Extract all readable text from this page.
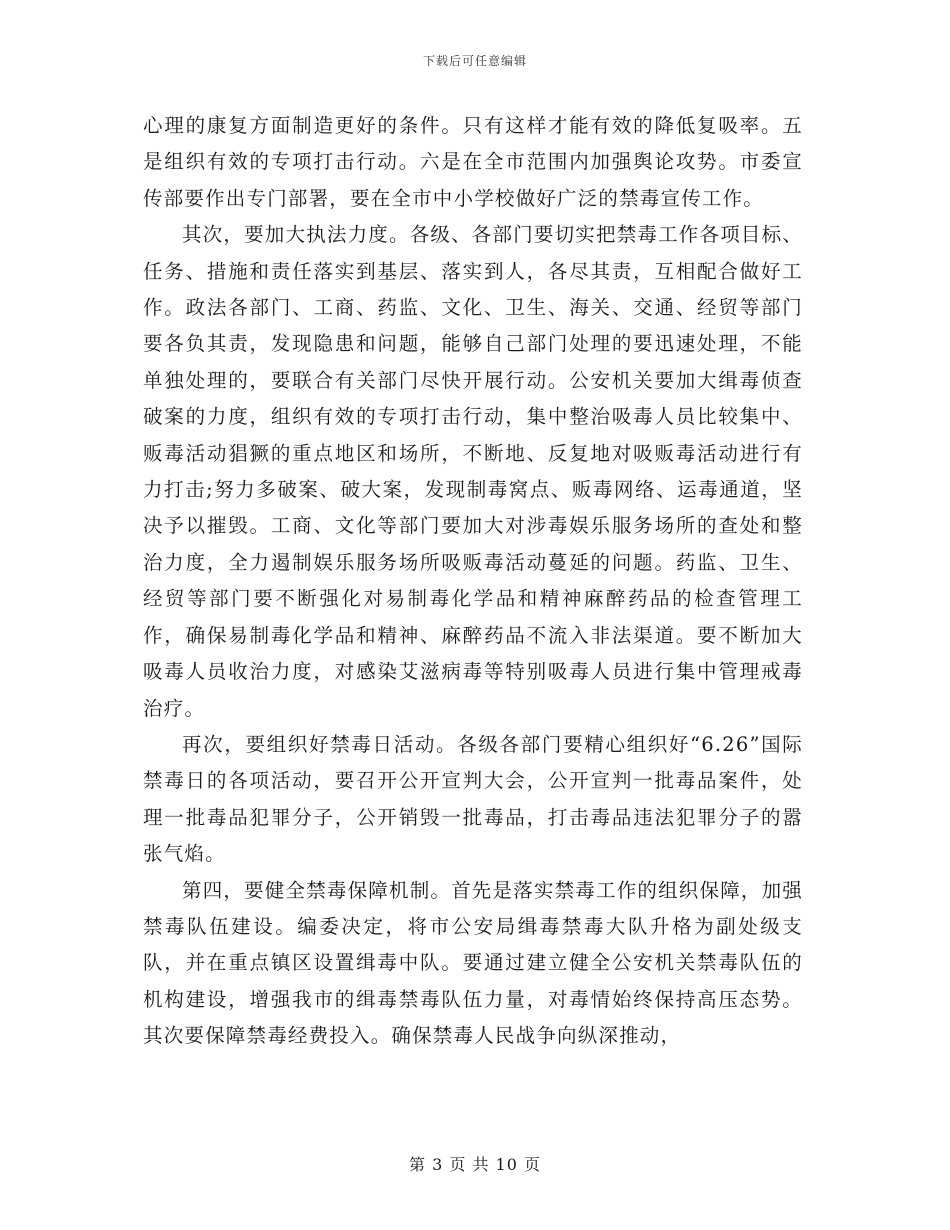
下载后可任意编辑

心理的康复方面制造更好的条件。只有这样才能有效的降低复吸率。五是组织有效的专项打击行动。六是在全市范围内加强舆论攻势。市委宣传部要作出专门部署，要在全市中小学校做好广泛的禁毒宣传工作。

其次，要加大执法力度。各级、各部门要切实把禁毒工作各项目标、任务、措施和责任落实到基层、落实到人，各尽其责，互相配合做好工作。政法各部门、工商、药监、文化、卫生、海关、交通、经贸等部门要各负其责，发现隐患和问题，能够自己部门处理的要迅速处理，不能单独处理的，要联合有关部门尽快开展行动。公安机关要加大缉毒侦查破案的力度，组织有效的专项打击行动，集中整治吸毒人员比较集中、贩毒活动猖獗的重点地区和场所，不断地、反复地对吸贩毒活动进行有力打击;努力多破案、破大案，发现制毒窝点、贩毒网络、运毒通道，坚决予以摧毁。工商、文化等部门要加大对涉毒娱乐服务场所的查处和整治力度，全力遏制娱乐服务场所吸贩毒活动蔓延的问题。药监、卫生、经贸等部门要不断强化对易制毒化学品和精神麻醉药品的检查管理工作，确保易制毒化学品和精神、麻醉药品不流入非法渠道。要不断加大吸毒人员收治力度，对感染艾滋病毒等特别吸毒人员进行集中管理戒毒治疗。

再次，要组织好禁毒日活动。各级各部门要精心组织好“6.26”国际禁毒日的各项活动，要召开公开宣判大会，公开宣判一批毒品案件，处理一批毒品犯罪分子，公开销毁一批毒品，打击毒品违法犯罪分子的嚣张气焰。

第四，要健全禁毒保障机制。首先是落实禁毒工作的组织保障，加强禁毒队伍建设。编委决定，将市公安局缉毒禁毒大队升格为副处级支队，并在重点镇区设置缉毒中队。要通过建立健全公安机关禁毒队伍的机构建设，增强我市的缉毒禁毒队伍力量，对毒情始终保持高压态势。其次要保障禁毒经费投入。确保禁毒人民战争向纵深推动，

第 3 页 共 10 页
